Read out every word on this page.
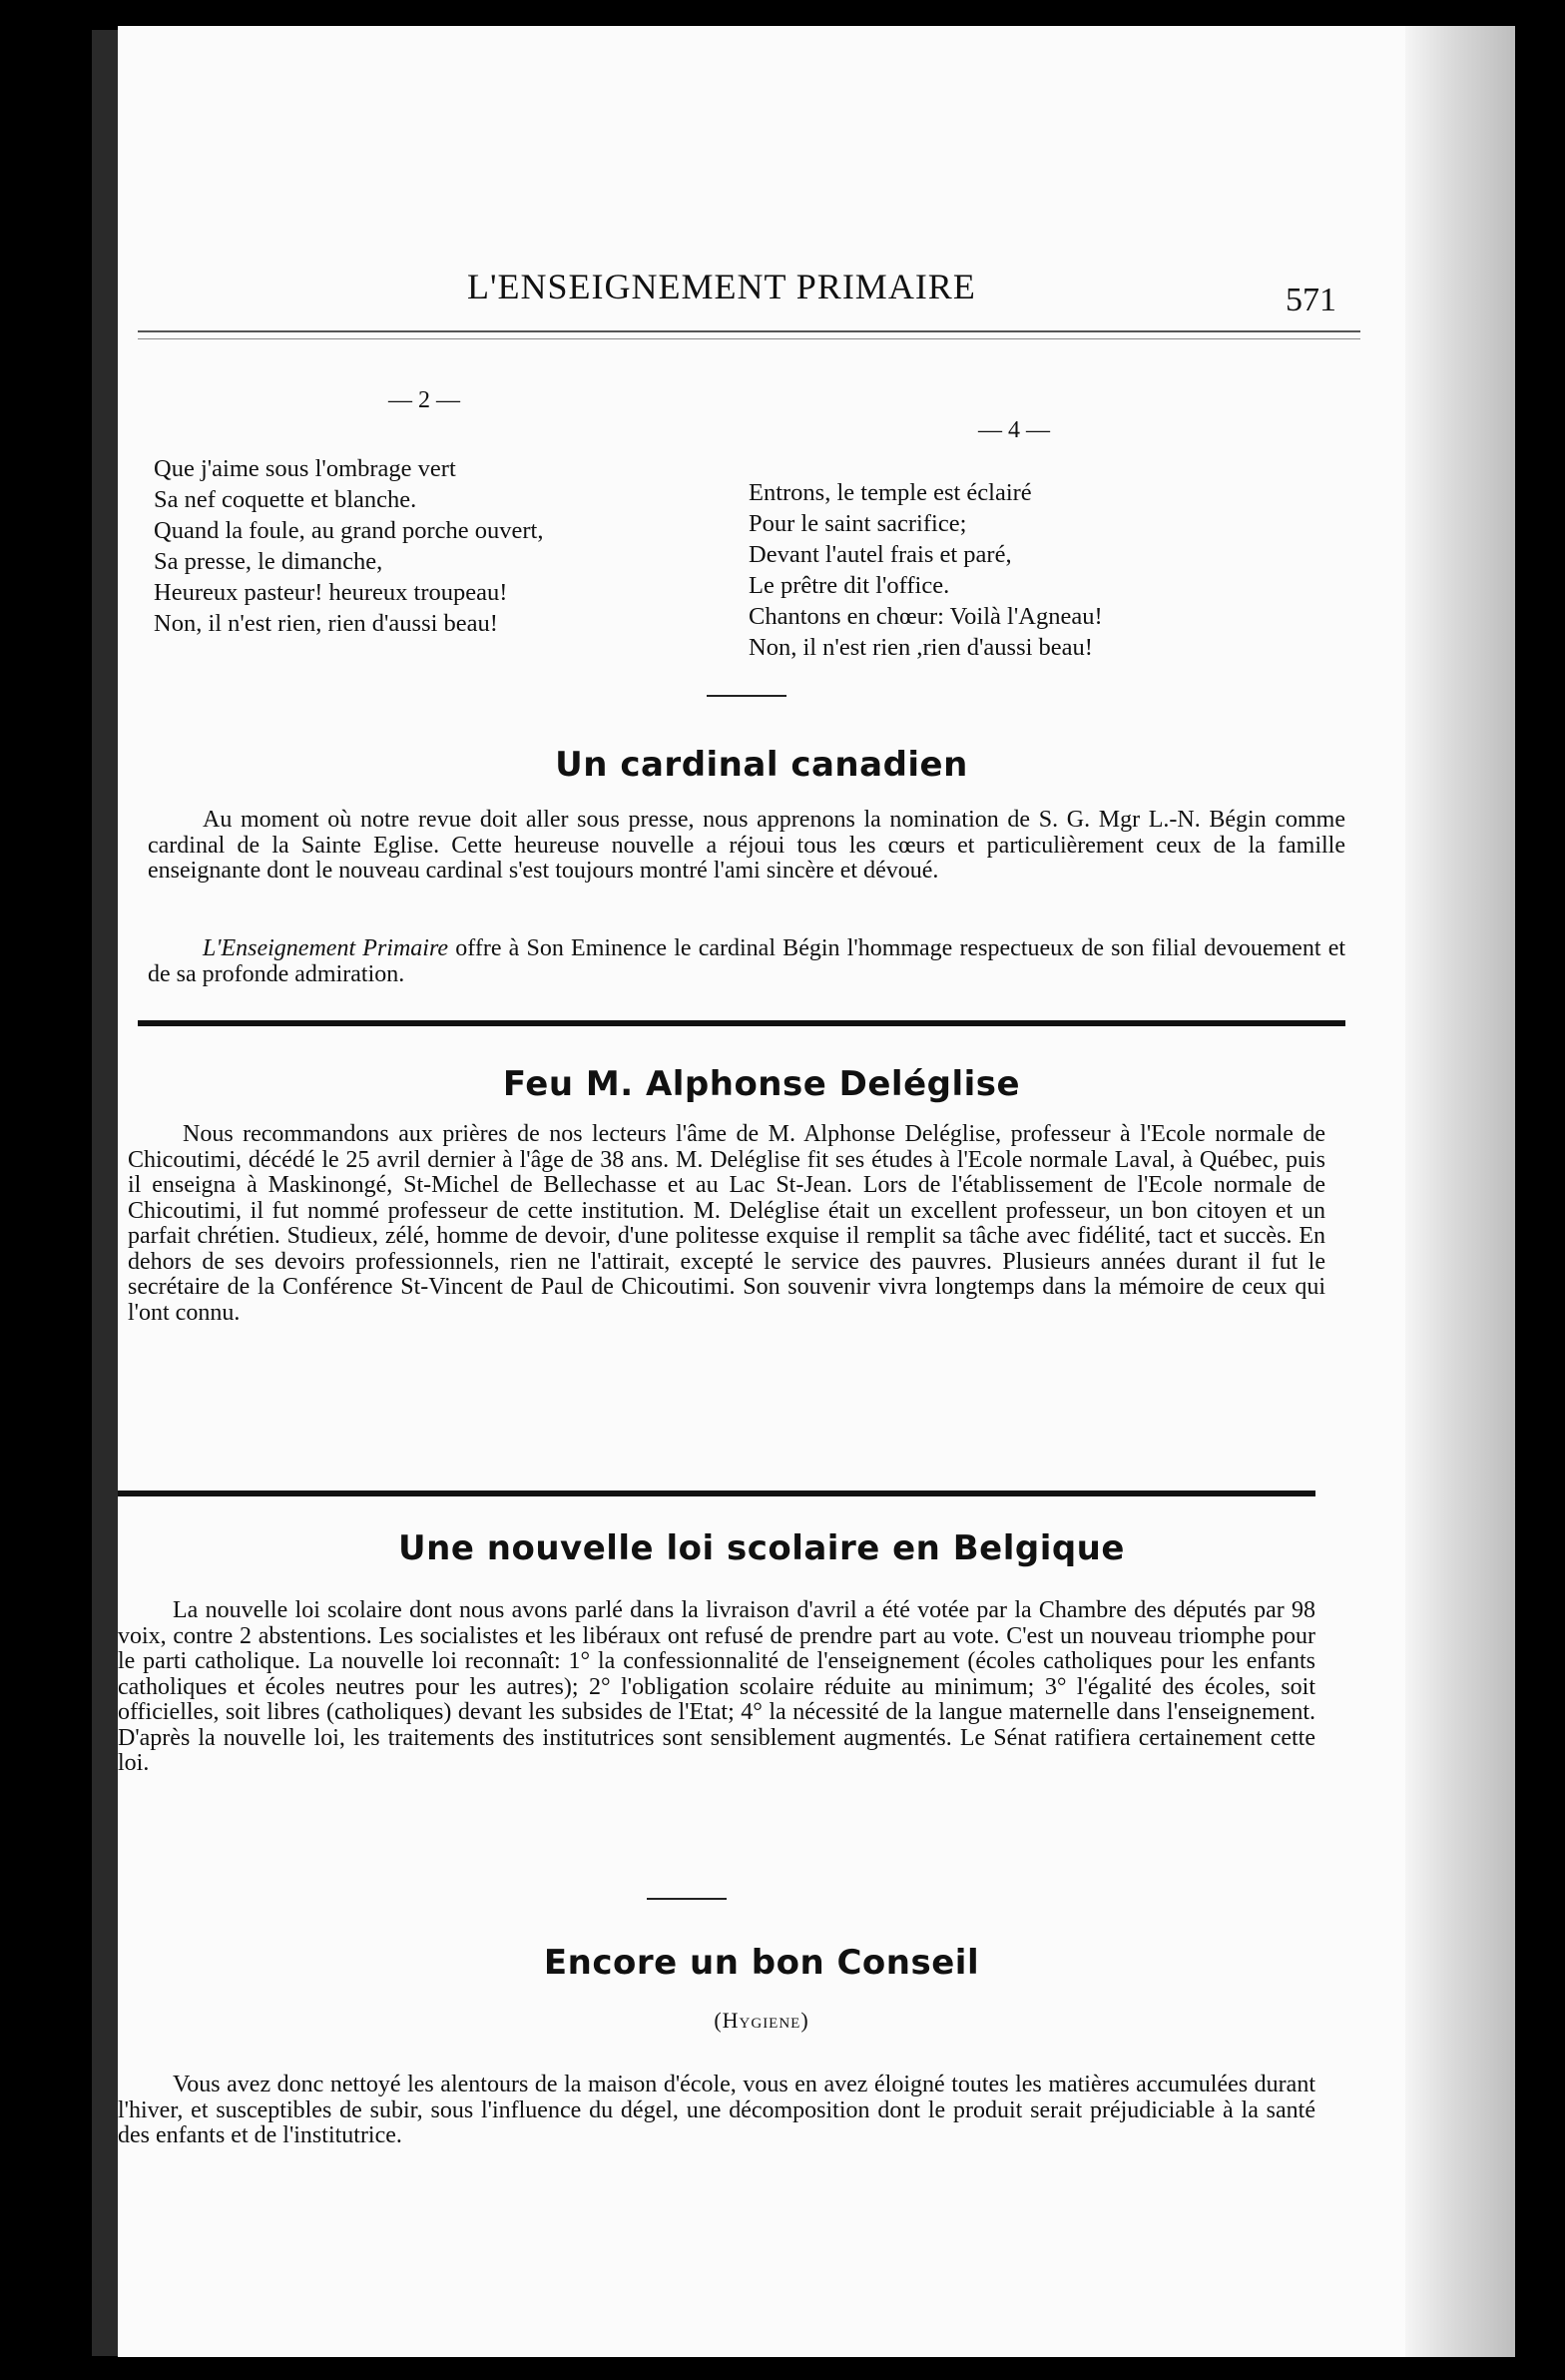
L'ENSEIGNEMENT PRIMAIRE	571
— 2 —
Que j'aime sous l'ombrage vert
Sa nef coquette et blanche.
Quand la foule, au grand porche ouvert,
Sa presse, le dimanche,
Heureux pasteur! heureux troupeau!
Non, il n'est rien, rien d'aussi beau!
— 4 —
Entrons, le temple est éclairé
Pour le saint sacrifice;
Devant l'autel frais et paré,
Le prêtre dit l'office.
Chantons en chœur: Voilà l'Agneau!
Non, il n'est rien ,rien d'aussi beau!
Un cardinal canadien

Au moment où notre revue doit aller sous presse, nous apprenons la nomination de S. G. Mgr L.-N. Bégin comme cardinal de la Sainte Eglise. Cette heureuse nouvelle a réjoui tous les cœurs et particulièrement ceux de la famille enseignante dont le nouveau cardinal s'est toujours montré l'ami sincère et dévoué.

L'Enseignement Primaire offre à Son Eminence le cardinal Bégin l'hommage respectueux de son filial devouement et de sa profonde admiration.

Feu M. Alphonse Deléglise

Nous recommandons aux prières de nos lecteurs l'âme de M. Alphonse Deléglise, professeur à l'Ecole normale de Chicoutimi, décédé le 25 avril dernier à l'âge de 38 ans. M. Deléglise fit ses études à l'Ecole normale Laval, à Québec, puis il enseigna à Maskinongé, St-Michel de Bellechasse et au Lac St-Jean. Lors de l'établissement de l'Ecole normale de Chicoutimi, il fut nommé professeur de cette institution. M. Deléglise était un excellent professeur, un bon citoyen et un parfait chrétien. Studieux, zélé, homme de devoir, d'une politesse exquise il remplit sa tâche avec fidélité, tact et succès. En dehors de ses devoirs professionnels, rien ne l'attirait, excepté le service des pauvres. Plusieurs années durant il fut le secrétaire de la Conférence St-Vincent de Paul de Chicoutimi. Son souvenir vivra longtemps dans la mémoire de ceux qui l'ont connu.

Une nouvelle loi scolaire en Belgique

La nouvelle loi scolaire dont nous avons parlé dans la livraison d'avril a été votée par la Chambre des députés par 98 voix, contre 2 abstentions. Les socialistes et les libéraux ont refusé de prendre part au vote. C'est un nouveau triomphe pour le parti catholique. La nouvelle loi reconnaît: 1° la confessionnalité de l'enseignement (écoles catholiques pour les enfants catholiques et écoles neutres pour les autres); 2° l'obligation scolaire réduite au minimum; 3° l'égalité des écoles, soit officielles, soit libres (catholiques) devant les subsides de l'Etat; 4° la nécessité de la langue maternelle dans l'enseignement. D'après la nouvelle loi, les traitements des institutrices sont sensiblement augmentés. Le Sénat ratifiera certainement cette loi.

Encore un bon Conseil
(Hygiene)

Vous avez donc nettoyé les alentours de la maison d'école, vous en avez éloigné toutes les matières accumulées durant l'hiver, et susceptibles de subir, sous l'influence du dégel, une décomposition dont le produit serait préjudiciable à la santé des enfants et de l'institutrice.
